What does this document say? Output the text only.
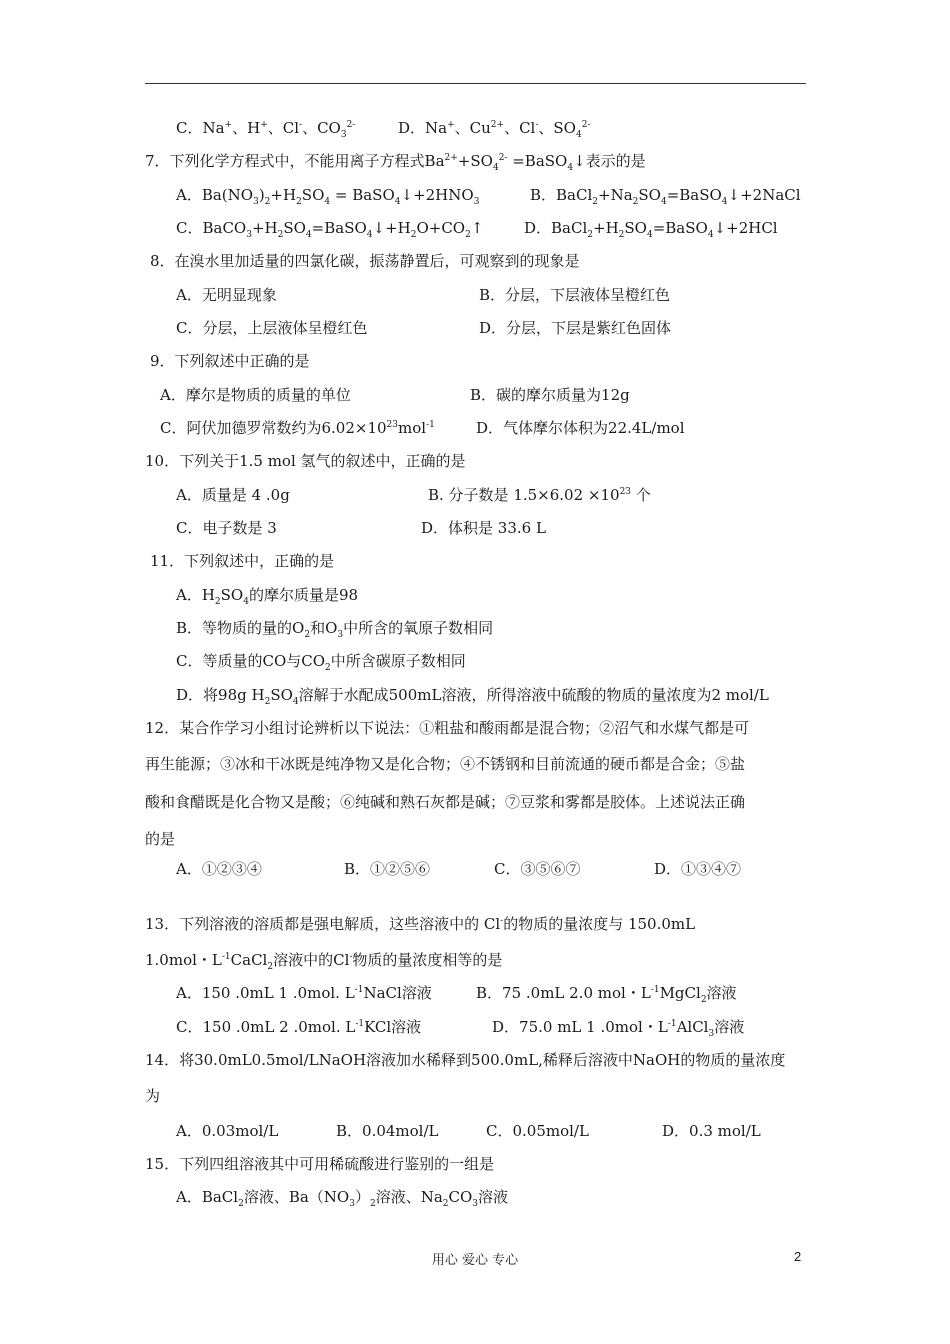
C．Na+、H+、Cl-、$CO_3^{2-}$	D．Na+、$Cu^{2+}$、Cl-、$SO_4^{2-}$
7．下列化学方程式中，不能用离子方程式$Ba^{2+}+SO_4^{2-}$ =BaSO$_4$↓表示的是
A．$Ba(NO_3)_2+H_2SO_4$ = $BaSO_4↓+2HNO_3$	B．$BaCl_2+Na_2SO_4=BaSO_4↓+2NaCl$
C．$BaCO_3+H_2SO_4=BaSO_4↓+H_2O+CO_2↑$	D．$BaCl_2+H_2SO_4=BaSO_4↓+2HCl$
8．在溴水里加适量的四氯化碳，振荡静置后，可观察到的现象是
A．无明显现象	B．分层，下层液体呈橙红色
C．分层，上层液体呈橙红色	D．分层，下层是紫红色固体
9．下列叙述中正确的是
A．摩尔是物质的质量的单位	B．碳的摩尔质量为12g
C．阿伏加德罗常数约为$6.02\times 10^{23}mol^{-1}$	D．气体摩尔体积为22.4L/mol
10．下列关于1.5 mol 氢气的叙述中，正确的是
A．质量是 4 .0g	B. 分子数是 $1.5\times 6.02 \times 10^{23}$ 个
C．电子数是 3	D．体积是 33.6 L
11．下列叙述中，正确的是
A．$H_2SO_4$的摩尔质量是98
B．等物质的量的$O_2$和$O_3$中所含的氧原子数相同
C．等质量的CO与$CO_2$中所含碳原子数相同
D．将98g $H_2SO_4$溶解于水配成500mL溶液，所得溶液中硫酸的物质的量浓度为2 mol/L
12．某合作学习小组讨论辨析以下说法：①粗盐和酸雨都是混合物；②沼气和水煤气都是可
再生能源；③冰和干冰既是纯净物又是化合物；④不锈钢和目前流通的硬币都是合金；⑤盐
酸和食醋既是化合物又是酸；⑥纯碱和熟石灰都是碱；⑦豆浆和雾都是胶体。上述说法正确
的是
A．①②③④	B．①②⑤⑥	C．③⑤⑥⑦	D．①③④⑦
13．下列溶液的溶质都是强电解质，这些溶液中的 Cl-的物质的量浓度与 150.0mL
1.0mol・$L^{-1}CaCl_2$溶液中的Cl-物质的量浓度相等的是
A．150 .0mL 1 .0mol. $L^{-1}NaCl$溶液	B．75 .0mL 2.0 mol・$L^{-1}MgCl_2$溶液
C．150 .0mL 2 .0mol. $L^{-1}KCl$溶液	D．75.0 mL 1 .0mol・$L^{-1}AlCl_3$溶液
14．将30.0mL0.5mol/LNaOH溶液加水稀释到500.0mL,稀释后溶液中NaOH的物质的量浓度
为
A．0.03mol/L	B．0.04mol/L	C．0.05mol/L	D．0.3 mol/L
15．下列四组溶液其中可用稀硫酸进行鉴别的一组是
A．BaCl$_2$溶液、$Ba(NO_3)_2$溶液、$Na_2CO_3$溶液
用心 爱心 专心	2
